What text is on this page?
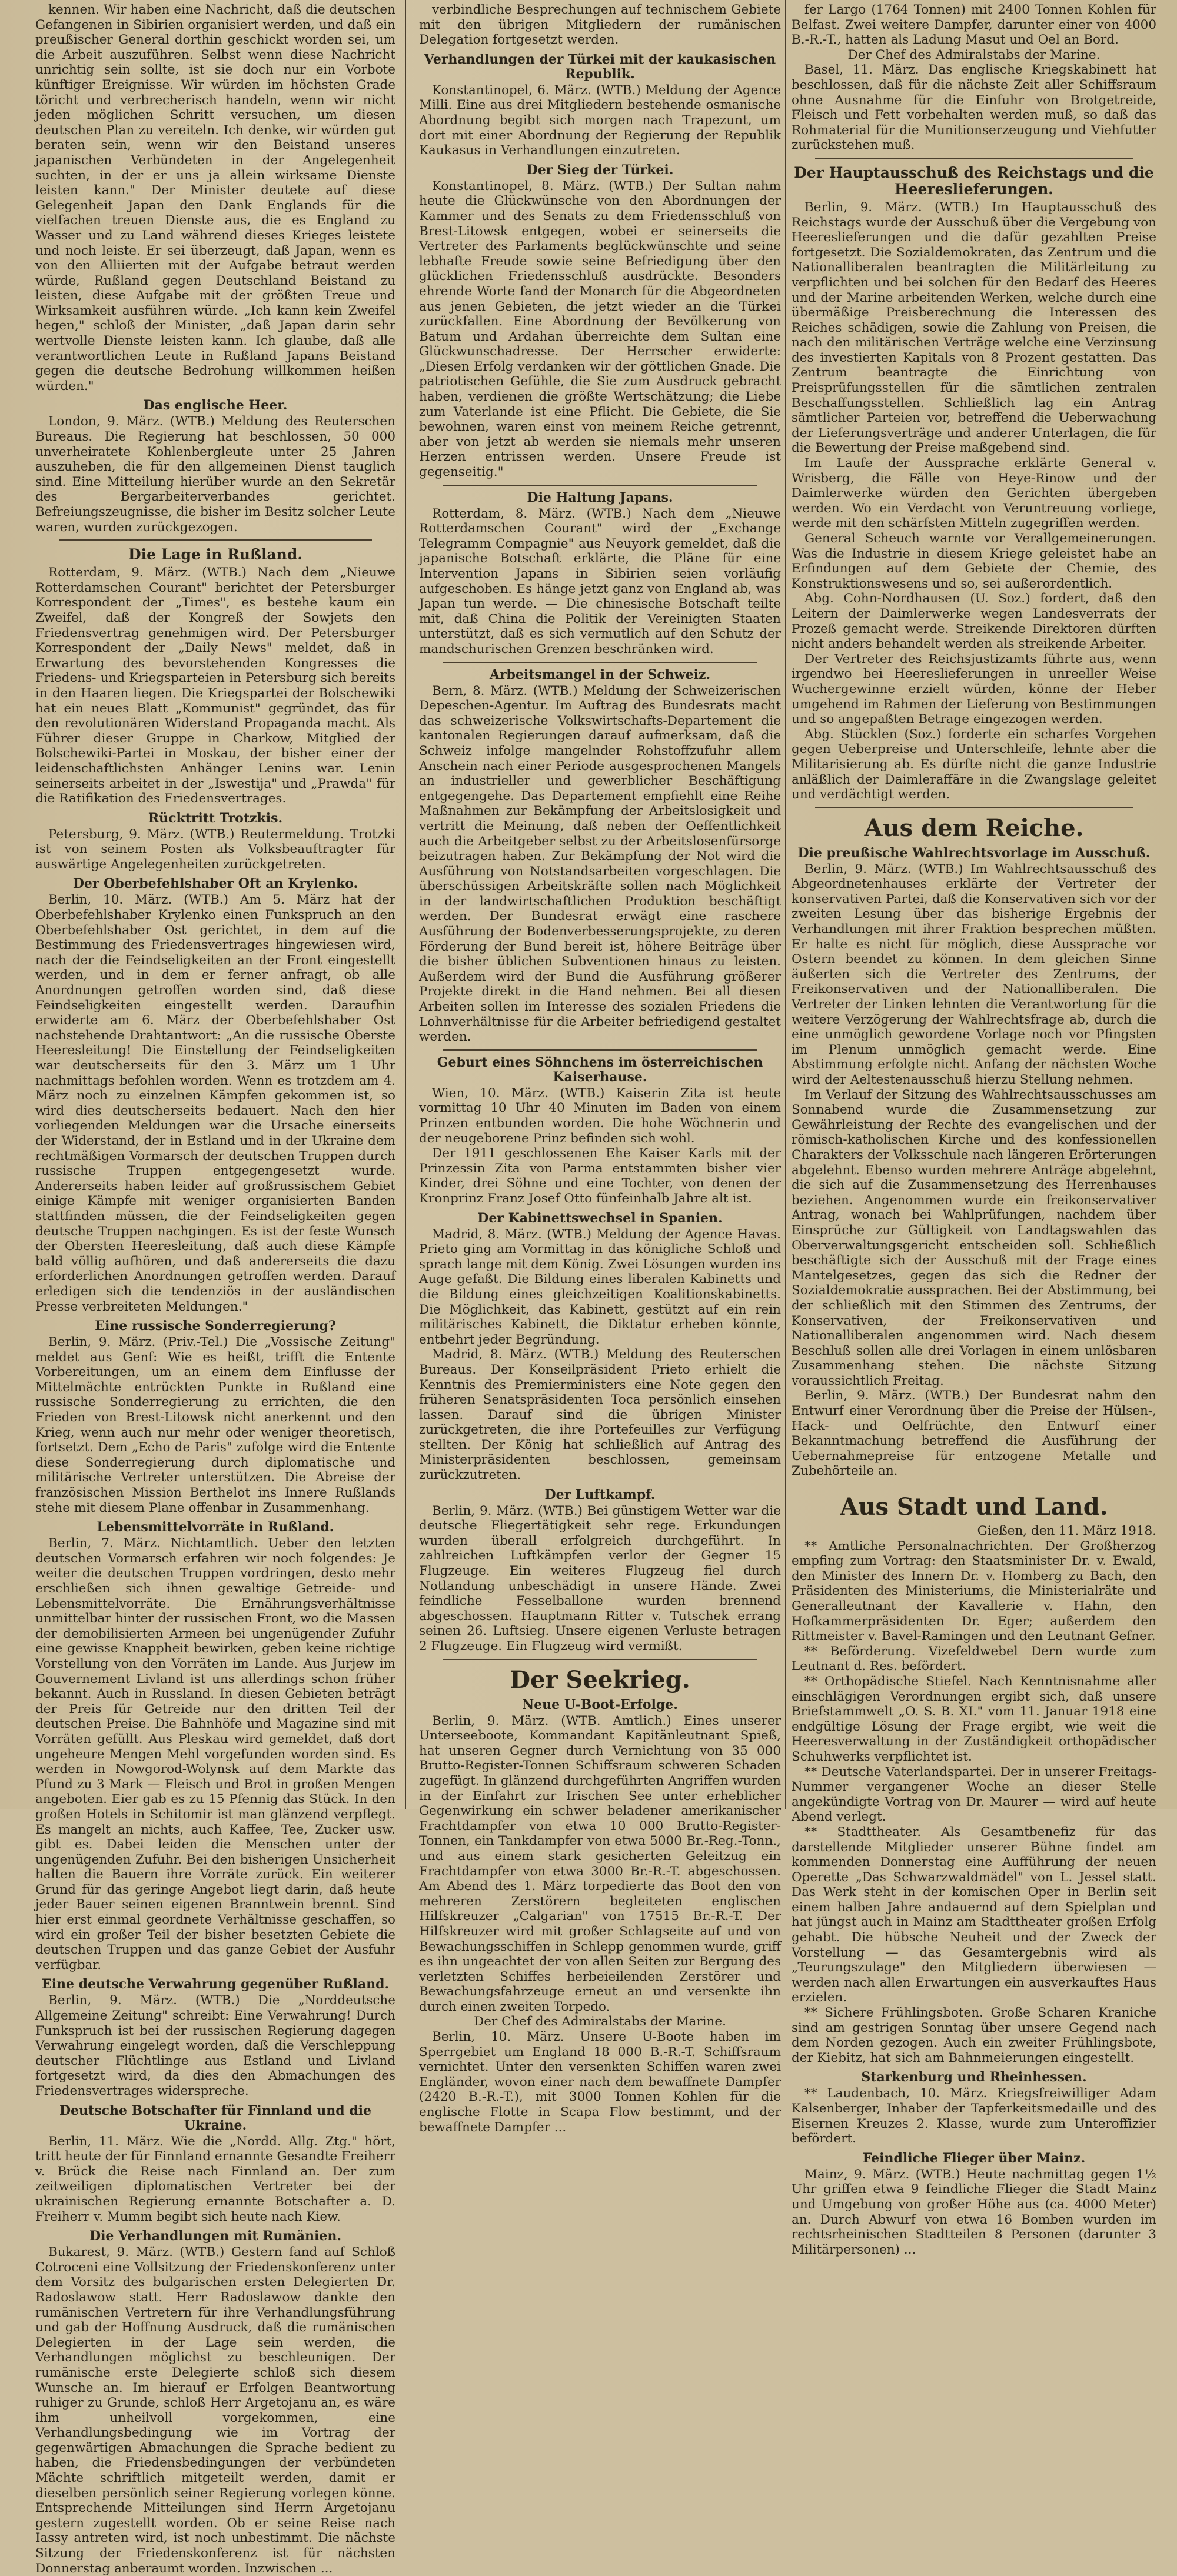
kennen. Wir haben eine Nachricht, daß die deutschen Gefangenen in Sibirien organisiert werden, und daß ein preußischer General dorthin geschickt worden sei, um die Arbeit auszuführen. Selbst wenn diese Nachricht unrichtig sein sollte, ist sie doch nur ein Vorbote künftiger Ereignisse. Wir würden im höchsten Grade töricht und verbrecherisch handeln, wenn wir nicht jeden möglichen Schritt versuchen, um diesen deutschen Plan zu vereiteln. Ich denke, wir würden gut beraten sein, wenn wir den Beistand unseres japanischen Verbündeten in der Angelegenheit suchten, in der er uns ja allein wirksame Dienste leisten kann." Der Minister deutete auf diese Gelegenheit Japan den Dank Englands für die vielfachen treuen Dienste aus, die es England zu Wasser und zu Land während dieses Krieges leistete und noch leiste. Er sei überzeugt, daß Japan, wenn es von den Alliierten mit der Aufgabe betraut werden würde, Rußland gegen Deutschland Beistand zu leisten, diese Aufgabe mit der größten Treue und Wirksamkeit ausführen würde. „Ich kann kein Zweifel hegen," schloß der Minister, „daß Japan darin sehr wertvolle Dienste leisten kann. Ich glaube, daß alle verantwortlichen Leute in Rußland Japans Beistand gegen die deutsche Bedrohung willkommen heißen würden."

Das englische Heer.

London, 9. März. (WTB.) Meldung des Reuterschen Bureaus. Die Regierung hat beschlossen, 50 000 unverheiratete Kohlenbergleute unter 25 Jahren auszuheben, die für den allgemeinen Dienst tauglich sind. Eine Mitteilung hierüber wurde an den Sekretär des Bergarbeiterverbandes gerichtet. Befreiungszeugnisse, die bisher im Besitz solcher Leute waren, wurden zurückgezogen.

Die Lage in Rußland.

Rotterdam, 9. März. (WTB.) Nach dem „Nieuwe Rotterdamschen Courant" berichtet der Petersburger Korrespondent der „Times", es bestehe kaum ein Zweifel, daß der Kongreß der Sowjets den Friedensvertrag genehmigen wird. Der Petersburger Korrespondent der „Daily News" meldet, daß in Erwartung des bevorstehenden Kongresses die Friedens- und Kriegsparteien in Petersburg sich bereits in den Haaren liegen. Die Kriegspartei der Bolschewiki hat ein neues Blatt „Kommunist" gegründet, das für den revolutionären Widerstand Propaganda macht. Als Führer dieser Gruppe in Charkow, Mitglied der Bolschewiki-Partei in Moskau, der bisher einer der leidenschaftlichsten Anhänger Lenins war. Lenin seinerseits arbeitet in der „Iswestija" und „Prawda" für die Ratifikation des Friedensvertrages.

Rücktritt Trotzkis.

Petersburg, 9. März. (WTB.) Reutermeldung. Trotzki ist von seinem Posten als Volksbeauftragter für auswärtige Angelegenheiten zurückgetreten.

Der Oberbefehlshaber Oft an Krylenko.

Berlin, 10. März. (WTB.) Am 5. März hat der Oberbefehlshaber Krylenko einen Funkspruch an den Oberbefehlshaber Ost gerichtet, in dem auf die Bestimmung des Friedensvertrages hingewiesen wird, nach der die Feindseligkeiten an der Front eingestellt werden, und in dem er ferner anfragt, ob alle Anordnungen getroffen worden sind, daß diese Feindseligkeiten eingestellt werden. Daraufhin erwiderte am 6. März der Oberbefehlshaber Ost nachstehende Drahtantwort: „An die russische Oberste Heeresleitung! Die Einstellung der Feindseligkeiten war deutscherseits für den 3. März um 1 Uhr nachmittags befohlen worden. Wenn es trotzdem am 4. März noch zu einzelnen Kämpfen gekommen ist, so wird dies deutscherseits bedauert. Nach den hier vorliegenden Meldungen war die Ursache einerseits der Widerstand, der in Estland und in der Ukraine dem rechtmäßigen Vormarsch der deutschen Truppen durch russische Truppen entgegengesetzt wurde. Andererseits haben leider auf großrussischem Gebiet einige Kämpfe mit weniger organisierten Banden stattfinden müssen, die der Feindseligkeiten gegen deutsche Truppen nachgingen. Es ist der feste Wunsch der Obersten Heeresleitung, daß auch diese Kämpfe bald völlig aufhören, und daß andererseits die dazu erforderlichen Anordnungen getroffen werden. Darauf erledigen sich die tendenziös in der ausländischen Presse verbreiteten Meldungen."

Eine russische Sonderregierung?

Berlin, 9. März. (Priv.-Tel.) Die „Vossische Zeitung" meldet aus Genf: Wie es heißt, trifft die Entente Vorbereitungen, um an einem dem Einflusse der Mittelmächte entrückten Punkte in Rußland eine russische Sonderregierung zu errichten, die den Frieden von Brest-Litowsk nicht anerkennt und den Krieg, wenn auch nur mehr oder weniger theoretisch, fortsetzt. Dem „Echo de Paris" zufolge wird die Entente diese Sonderregierung durch diplomatische und militärische Vertreter unterstützen. Die Abreise der französischen Mission Berthelot ins Innere Rußlands stehe mit diesem Plane offenbar in Zusammenhang.

Lebensmittelvorräte in Rußland.

Berlin, 7. März. Nichtamtlich. Ueber den letzten deutschen Vormarsch erfahren wir noch folgendes: Je weiter die deutschen Truppen vordringen, desto mehr erschließen sich ihnen gewaltige Getreide- und Lebensmittelvorräte. Die Ernährungsverhältnisse unmittelbar hinter der russischen Front, wo die Massen der demobilisierten Armeen bei ungenügender Zufuhr eine gewisse Knappheit bewirken, geben keine richtige Vorstellung von den Vorräten im Lande. Aus Jurjew im Gouvernement Livland ist uns allerdings schon früher bekannt. Auch in Russland. In diesen Gebieten beträgt der Preis für Getreide nur den dritten Teil der deutschen Preise. Die Bahnhöfe und Magazine sind mit Vorräten gefüllt. Aus Pleskau wird gemeldet, daß dort ungeheure Mengen Mehl vorgefunden worden sind. Es werden in Nowgorod-Wolynsk auf dem Markte das Pfund zu 3 Mark — Fleisch und Brot in großen Mengen angeboten. Eier gab es zu 15 Pfennig das Stück. In den großen Hotels in Schitomir ist man glänzend verpflegt. Es mangelt an nichts, auch Kaffee, Tee, Zucker usw. gibt es. Dabei leiden die Menschen unter der ungenügenden Zufuhr. Bei den bisherigen Unsicherheit halten die Bauern ihre Vorräte zurück. Ein weiterer Grund für das geringe Angebot liegt darin, daß heute jeder Bauer seinen eigenen Branntwein brennt. Sind hier erst einmal geordnete Verhältnisse geschaffen, so wird ein großer Teil der bisher besetzten Gebiete die deutschen Truppen und das ganze Gebiet der Ausfuhr verfügbar.

Eine deutsche Verwahrung gegenüber Rußland.

Berlin, 9. März. (WTB.) Die „Norddeutsche Allgemeine Zeitung" schreibt: Eine Verwahrung! Durch Funkspruch ist bei der russischen Regierung dagegen Verwahrung eingelegt worden, daß die Verschleppung deutscher Flüchtlinge aus Estland und Livland fortgesetzt wird, da dies den Abmachungen des Friedensvertrages widerspreche.

Deutsche Botschafter für Finnland und die Ukraine.

Berlin, 11. März. Wie die „Nordd. Allg. Ztg." hört, tritt heute der für Finnland ernannte Gesandte Freiherr v. Brück die Reise nach Finnland an. Der zum zeitweiligen diplomatischen Vertreter bei der ukrainischen Regierung ernannte Botschafter a. D. Freiherr v. Mumm begibt sich heute nach Kiew.

Die Verhandlungen mit Rumänien.

Bukarest, 9. März. (WTB.) Gestern fand auf Schloß Cotroceni eine Vollsitzung der Friedenskonferenz unter dem Vorsitz des bulgarischen ersten Delegierten Dr. Radoslawow statt. Herr Radoslawow dankte den rumänischen Vertretern für ihre Verhandlungsführung und gab der Hoffnung Ausdruck, daß die rumänischen Delegierten in der Lage sein werden, die Verhandlungen möglichst zu beschleunigen. Der rumänische erste Delegierte schloß sich diesem Wunsche an. Im hierauf er Erfolgen Beantwortung ruhiger zu Grunde, schloß Herr Argetojanu an, es wäre ihm unheilvoll vorgekommen, eine Verhandlungsbedingung wie im Vortrag der gegenwärtigen Abmachungen die Sprache bedient zu haben, die Friedensbedingungen der verbündeten Mächte schriftlich mitgeteilt werden, damit er dieselben persönlich seiner Regierung vorlegen könne. Entsprechende Mitteilungen sind Herrn Argetojanu gestern zugestellt worden. Ob er seine Reise nach Iassy antreten wird, ist noch unbestimmt. Die nächste Sitzung der Friedenskonferenz ist für nächsten Donnerstag anberaumt worden. Inzwischen ...

verbindliche Besprechungen auf technischem Gebiete mit den übrigen Mitgliedern der rumänischen Delegation fortgesetzt werden.

Verhandlungen der Türkei mit der kaukasischen Republik.

Konstantinopel, 6. März. (WTB.) Meldung der Agence Milli. Eine aus drei Mitgliedern bestehende osmanische Abordnung begibt sich morgen nach Trapezunt, um dort mit einer Abordnung der Regierung der Republik Kaukasus in Verhandlungen einzutreten.

Der Sieg der Türkei.

Konstantinopel, 8. März. (WTB.) Der Sultan nahm heute die Glückwünsche von den Abordnungen der Kammer und des Senats zu dem Friedensschluß von Brest-Litowsk entgegen, wobei er seinerseits die Vertreter des Parlaments beglückwünschte und seine lebhafte Freude sowie seine Befriedigung über den glücklichen Friedensschluß ausdrückte. Besonders ehrende Worte fand der Monarch für die Abgeordneten aus jenen Gebieten, die jetzt wieder an die Türkei zurückfallen. Eine Abordnung der Bevölkerung von Batum und Ardahan überreichte dem Sultan eine Glückwunschadresse. Der Herrscher erwiderte: „Diesen Erfolg verdanken wir der göttlichen Gnade. Die patriotischen Gefühle, die Sie zum Ausdruck gebracht haben, verdienen die größte Wertschätzung; die Liebe zum Vaterlande ist eine Pflicht. Die Gebiete, die Sie bewohnen, waren einst von meinem Reiche getrennt, aber von jetzt ab werden sie niemals mehr unseren Herzen entrissen werden. Unsere Freude ist gegenseitig."

Die Haltung Japans.

Rotterdam, 8. März. (WTB.) Nach dem „Nieuwe Rotterdamschen Courant" wird der „Exchange Telegramm Compagnie" aus Neuyork gemeldet, daß die japanische Botschaft erklärte, die Pläne für eine Intervention Japans in Sibirien seien vorläufig aufgeschoben. Es hänge jetzt ganz von England ab, was Japan tun werde. — Die chinesische Botschaft teilte mit, daß China die Politik der Vereinigten Staaten unterstützt, daß es sich vermutlich auf den Schutz der mandschurischen Grenzen beschränken wird.

Arbeitsmangel in der Schweiz.

Bern, 8. März. (WTB.) Meldung der Schweizerischen Depeschen-Agentur. Im Auftrag des Bundesrats macht das schweizerische Volkswirtschafts-Departement die kantonalen Regierungen darauf aufmerksam, daß die Schweiz infolge mangelnder Rohstoffzufuhr allem Anschein nach einer Periode ausgesprochenen Mangels an industrieller und gewerblicher Beschäftigung entgegengehe. Das Departement empfiehlt eine Reihe Maßnahmen zur Bekämpfung der Arbeitslosigkeit und vertritt die Meinung, daß neben der Oeffentlichkeit auch die Arbeitgeber selbst zu der Arbeitslosenfürsorge beizutragen haben. Zur Bekämpfung der Not wird die Ausführung von Notstandsarbeiten vorgeschlagen. Die überschüssigen Arbeitskräfte sollen nach Möglichkeit in der landwirtschaftlichen Produktion beschäftigt werden. Der Bundesrat erwägt eine raschere Ausführung der Bodenverbesserungsprojekte, zu deren Förderung der Bund bereit ist, höhere Beiträge über die bisher üblichen Subventionen hinaus zu leisten. Außerdem wird der Bund die Ausführung größerer Projekte direkt in die Hand nehmen. Bei all diesen Arbeiten sollen im Interesse des sozialen Friedens die Lohnverhältnisse für die Arbeiter befriedigend gestaltet werden.

Geburt eines Söhnchens im österreichischen Kaiserhause.

Wien, 10. März. (WTB.) Kaiserin Zita ist heute vormittag 10 Uhr 40 Minuten im Baden von einem Prinzen entbunden worden. Die hohe Wöchnerin und der neugeborene Prinz befinden sich wohl.

Der 1911 geschlossenen Ehe Kaiser Karls mit der Prinzessin Zita von Parma entstammten bisher vier Kinder, drei Söhne und eine Tochter, von denen der Kronprinz Franz Josef Otto fünfeinhalb Jahre alt ist.

Der Kabinettswechsel in Spanien.

Madrid, 8. März. (WTB.) Meldung der Agence Havas. Prieto ging am Vormittag in das königliche Schloß und sprach lange mit dem König. Zwei Lösungen wurden ins Auge gefaßt. Die Bildung eines liberalen Kabinetts und die Bildung eines gleichzeitigen Koalitionskabinetts. Die Möglichkeit, das Kabinett, gestützt auf ein rein militärisches Kabinett, die Diktatur erheben könnte, entbehrt jeder Begründung.

Madrid, 8. März. (WTB.) Meldung des Reuterschen Bureaus. Der Konseilpräsident Prieto erhielt die Kenntnis des Premierministers eine Note gegen den früheren Senatspräsidenten Toca persönlich einsehen lassen. Darauf sind die übrigen Minister zurückgetreten, die ihre Portefeuilles zur Verfügung stellten. Der König hat schließlich auf Antrag des Ministerpräsidenten beschlossen, gemeinsam zurückzutreten.

Der Luftkampf.

Berlin, 9. März. (WTB.) Bei günstigem Wetter war die deutsche Fliegertätigkeit sehr rege. Erkundungen wurden überall erfolgreich durchgeführt. In zahlreichen Luftkämpfen verlor der Gegner 15 Flugzeuge. Ein weiteres Flugzeug fiel durch Notlandung unbeschädigt in unsere Hände. Zwei feindliche Fesselballone wurden brennend abgeschossen. Hauptmann Ritter v. Tutschek errang seinen 26. Luftsieg. Unsere eigenen Verluste betragen 2 Flugzeuge. Ein Flugzeug wird vermißt.

Der Seekrieg.
Neue U-Boot-Erfolge.

Berlin, 9. März. (WTB. Amtlich.) Eines unserer Unterseeboote, Kommandant Kapitänleutnant Spieß, hat unseren Gegner durch Vernichtung von 35 000 Brutto-Register-Tonnen Schiffsraum schweren Schaden zugefügt. In glänzend durchgeführten Angriffen wurden in der Einfahrt zur Irischen See unter erheblicher Gegenwirkung ein schwer beladener amerikanischer Frachtdampfer von etwa 10 000 Brutto-Register-Tonnen, ein Tankdampfer von etwa 5000 Br.-Reg.-Tonn., und aus einem stark gesicherten Geleitzug ein Frachtdampfer von etwa 3000 Br.-R.-T. abgeschossen. Am Abend des 1. März torpedierte das Boot den von mehreren Zerstörern begleiteten englischen Hilfskreuzer „Calgarian" von 17515 Br.-R.-T. Der Hilfskreuzer wird mit großer Schlagseite auf und von Bewachungsschiffen in Schlepp genommen wurde, griff es ihn ungeachtet der von allen Seiten zur Bergung des verletzten Schiffes herbeieilenden Zerstörer und Bewachungsfahrzeuge erneut an und versenkte ihn durch einen zweiten Torpedo.

Der Chef des Admiralstabs der Marine.

Berlin, 10. März. Unsere U-Boote haben im Sperrgebiet um England 18 000 B.-R.-T. Schiffsraum vernichtet. Unter den versenkten Schiffen waren zwei Engländer, wovon einer nach dem bewaffnete Dampfer (2420 B.-R.-T.), mit 3000 Tonnen Kohlen für die englische Flotte in Scapa Flow bestimmt, und der bewaffnete Dampfer ...

fer Largo (1764 Tonnen) mit 2400 Tonnen Kohlen für Belfast. Zwei weitere Dampfer, darunter einer von 4000 B.-R.-T., hatten als Ladung Masut und Oel an Bord.

Der Chef des Admiralstabs der Marine.

Basel, 11. März. Das englische Kriegskabinett hat beschlossen, daß für die nächste Zeit aller Schiffsraum ohne Ausnahme für die Einfuhr von Brotgetreide, Fleisch und Fett vorbehalten werden muß, so daß das Rohmaterial für die Munitionserzeugung und Viehfutter zurückstehen muß.

Der Hauptausschuß des Reichstags und die Heereslieferungen.

Berlin, 9. März. (WTB.) Im Hauptausschuß des Reichstags wurde der Ausschuß über die Vergebung von Heereslieferungen und die dafür gezahlten Preise fortgesetzt. Die Sozialdemokraten, das Zentrum und die Nationalliberalen beantragten die Militärleitung zu verpflichten und bei solchen für den Bedarf des Heeres und der Marine arbeitenden Werken, welche durch eine übermäßige Preisberechnung die Interessen des Reiches schädigen, sowie die Zahlung von Preisen, die nach den militärischen Verträge welche eine Verzinsung des investierten Kapitals von 8 Prozent gestatten. Das Zentrum beantragte die Einrichtung von Preisprüfungsstellen für die sämtlichen zentralen Beschaffungsstellen. Schließlich lag ein Antrag sämtlicher Parteien vor, betreffend die Ueberwachung der Lieferungsverträge und anderer Unterlagen, die für die Bewertung der Preise maßgebend sind.

Im Laufe der Aussprache erklärte General v. Wrisberg, die Fälle von Heye-Rinow und der Daimlerwerke würden den Gerichten übergeben werden. Wo ein Verdacht von Veruntreuung vorliege, werde mit den schärfsten Mitteln zugegriffen werden.

General Scheuch warnte vor Verallgemeinerungen. Was die Industrie in diesem Kriege geleistet habe an Erfindungen auf dem Gebiete der Chemie, des Konstruktionswesens und so, sei außerordentlich.

Abg. Cohn-Nordhausen (U. Soz.) fordert, daß den Leitern der Daimlerwerke wegen Landesverrats der Prozeß gemacht werde. Streikende Direktoren dürften nicht anders behandelt werden als streikende Arbeiter.

Der Vertreter des Reichsjustizamts führte aus, wenn irgendwo bei Heereslieferungen in unreeller Weise Wuchergewinne erzielt würden, könne der Heber umgehend im Rahmen der Lieferung von Bestimmungen und so angepaßten Betrage eingezogen werden.

Abg. Stücklen (Soz.) forderte ein scharfes Vorgehen gegen Ueberpreise und Unterschleife, lehnte aber die Militarisierung ab. Es dürfte nicht die ganze Industrie anläßlich der Daimleraffäre in die Zwangslage geleitet und verdächtigt werden.

Aus dem Reiche.
Die preußische Wahlrechtsvorlage im Ausschuß.

Berlin, 9. März. (WTB.) Im Wahlrechtsausschuß des Abgeordnetenhauses erklärte der Vertreter der konservativen Partei, daß die Konservativen sich vor der zweiten Lesung über das bisherige Ergebnis der Verhandlungen mit ihrer Fraktion besprechen müßten. Er halte es nicht für möglich, diese Aussprache vor Ostern beendet zu können. In dem gleichen Sinne äußerten sich die Vertreter des Zentrums, der Freikonservativen und der Nationalliberalen. Die Vertreter der Linken lehnten die Verantwortung für die weitere Verzögerung der Wahlrechtsfrage ab, durch die eine unmöglich gewordene Vorlage noch vor Pfingsten im Plenum unmöglich gemacht werde. Eine Abstimmung erfolgte nicht. Anfang der nächsten Woche wird der Aeltestenausschuß hierzu Stellung nehmen.

Im Verlauf der Sitzung des Wahlrechtsausschusses am Sonnabend wurde die Zusammensetzung zur Gewährleistung der Rechte des evangelischen und der römisch-katholischen Kirche und des konfessionellen Charakters der Volksschule nach längeren Erörterungen abgelehnt. Ebenso wurden mehrere Anträge abgelehnt, die sich auf die Zusammensetzung des Herrenhauses beziehen. Angenommen wurde ein freikonservativer Antrag, wonach bei Wahlprüfungen, nachdem über Einsprüche zur Gültigkeit von Landtagswahlen das Oberverwaltungsgericht entscheiden soll. Schließlich beschäftigte sich der Ausschuß mit der Frage eines Mantelgesetzes, gegen das sich die Redner der Sozialdemokratie aussprachen. Bei der Abstimmung, bei der schließlich mit den Stimmen des Zentrums, der Konservativen, der Freikonservativen und Nationalliberalen angenommen wird. Nach diesem Beschluß sollen alle drei Vorlagen in einem unlösbaren Zusammenhang stehen. Die nächste Sitzung voraussichtlich Freitag.

Berlin, 9. März. (WTB.) Der Bundesrat nahm den Entwurf einer Verordnung über die Preise der Hülsen-, Hack- und Oelfrüchte, den Entwurf einer Bekanntmachung betreffend die Ausführung der Uebernahmepreise für entzogene Metalle und Zubehörteile an.

Aus Stadt und Land.

Gießen, den 11. März 1918.

** Amtliche Personalnachrichten. Der Großherzog empfing zum Vortrag: den Staatsminister Dr. v. Ewald, den Minister des Innern Dr. v. Homberg zu Bach, den Präsidenten des Ministeriums, die Ministerialräte und Generalleutnant der Kavallerie v. Hahn, den Hofkammerpräsidenten Dr. Eger; außerdem den Rittmeister v. Bavel-Ramingen und den Leutnant Gefner.

** Beförderung. Vizefeldwebel Dern wurde zum Leutnant d. Res. befördert.

** Orthopädische Stiefel. Nach Kenntnisnahme aller einschlägigen Verordnungen ergibt sich, daß unsere Briefstammwelt „O. S. B. XI." vom 11. Januar 1918 eine endgültige Lösung der Frage ergibt, wie weit die Heeresverwaltung in der Zuständigkeit orthopädischer Schuhwerks verpflichtet ist.

** Deutsche Vaterlandspartei. Der in unserer Freitags-Nummer vergangener Woche an dieser Stelle angekündigte Vortrag von Dr. Maurer — wird auf heute Abend verlegt.

** Stadttheater. Als Gesamtbenefiz für das darstellende Mitglieder unserer Bühne findet am kommenden Donnerstag eine Aufführung der neuen Operette „Das Schwarzwaldmädel" von L. Jessel statt. Das Werk steht in der komischen Oper in Berlin seit einem halben Jahre andauernd auf dem Spielplan und hat jüngst auch in Mainz am Stadttheater großen Erfolg gehabt. Die hübsche Neuheit und der Zweck der Vorstellung — das Gesamtergebnis wird als „Teurungszulage" den Mitgliedern überwiesen — werden nach allen Erwartungen ein ausverkauftes Haus erzielen.

** Sichere Frühlingsboten. Große Scharen Kraniche sind am gestrigen Sonntag über unsere Gegend nach dem Norden gezogen. Auch ein zweiter Frühlingsbote, der Kiebitz, hat sich am Bahnmeierungen eingestellt.

Starkenburg und Rheinhessen.

** Laudenbach, 10. März. Kriegsfreiwilliger Adam Kalsenberger, Inhaber der Tapferkeitsmedaille und des Eisernen Kreuzes 2. Klasse, wurde zum Unteroffizier befördert.

Feindliche Flieger über Mainz.

Mainz, 9. März. (WTB.) Heute nachmittag gegen 1½ Uhr griffen etwa 9 feindliche Flieger die Stadt Mainz und Umgebung von großer Höhe aus (ca. 4000 Meter) an. Durch Abwurf von etwa 16 Bomben wurden im rechtsrheinischen Stadtteilen 8 Personen (darunter 3 Militärpersonen) ...
